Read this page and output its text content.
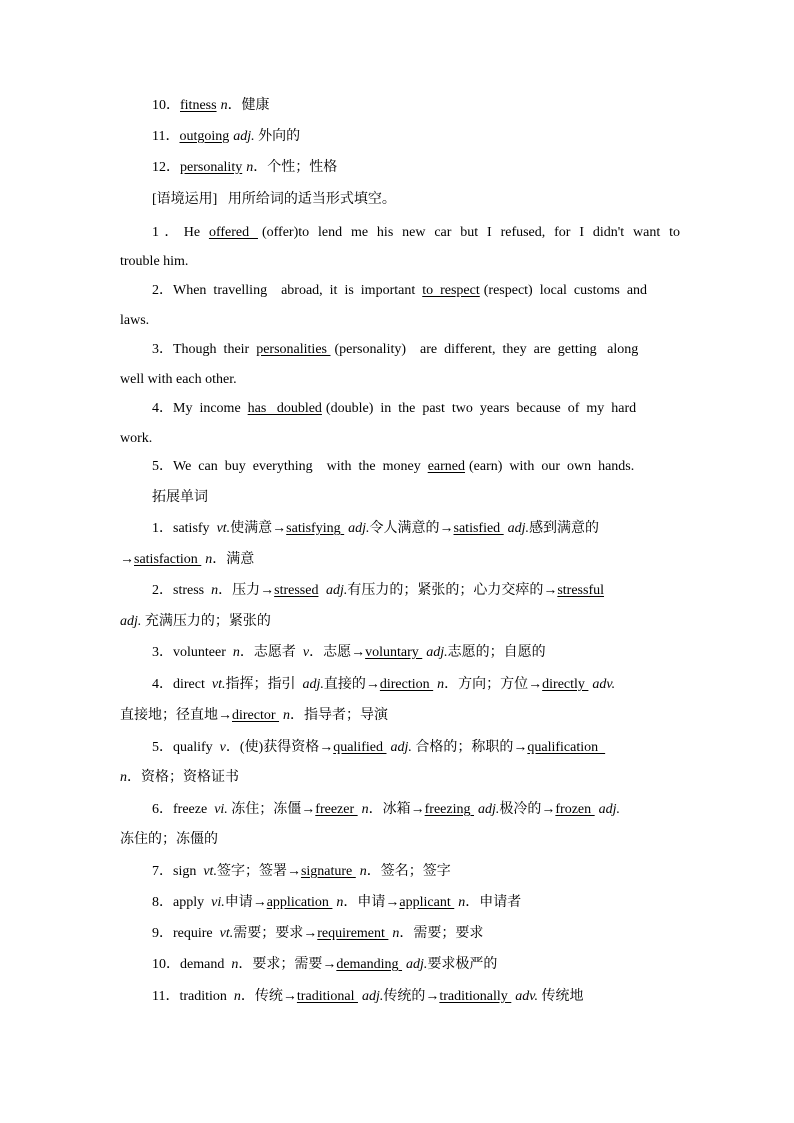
10．fitness n．健康
11．outgoing adj. 外向的
12．personality n．个性；性格
[语境运用] 用所给词的适当形式填空。
1．He offered (offer)to lend me his new car but I refused, for I didn't want to
trouble him.
2．When  travelling    abroad,  it  is  important  to  respect (respect)  local  customs  and
laws.
3．Though  their  personalities (personality)    are  different,  they  are  getting   along
well with each other.
4．My  income  has   doubled (double)  in  the  past  two  years  because  of  my  hard
work.
5．We  can  buy  everything    with  the  money  earned (earn)  with  our  own  hands.
拓展单词
1．satisfy  vt.使满意→satisfying adj.令人满意的→satisfied adj.感到满意的
→satisfaction n．满意
2．stress  n．压力→stressed adj.有压力的；紧张的；心力交瘁的→stressful
adj. 充满压力的；紧张的
3．volunteer  n．志愿者  v．志愿→voluntary adj.志愿的；自愿的
4．direct  vt.指挥；指引  adj.直接的→direction n．方向；方位→directly adv.
直接地；径直地→director n．指导者；导演
5．qualify  v．(使)获得资格→qualified adj. 合格的；称职的→qualification
n．资格；资格证书
6．freeze  vi. 冻住；冻僵→freezer n．冰箱→freezing adj.极冷的→frozen adj.
冻住的；冻僵的
7．sign  vt.签字；签署→signature n．签名；签字
8．apply  vi.申请→application n．申请→applicant n．申请者
9．require  vt.需要；要求→requirement n．需要；要求
10．demand  n．要求；需要→demanding adj.要求极严的
11．tradition  n．传统→traditional adj.传统的→traditionally adv. 传统地
